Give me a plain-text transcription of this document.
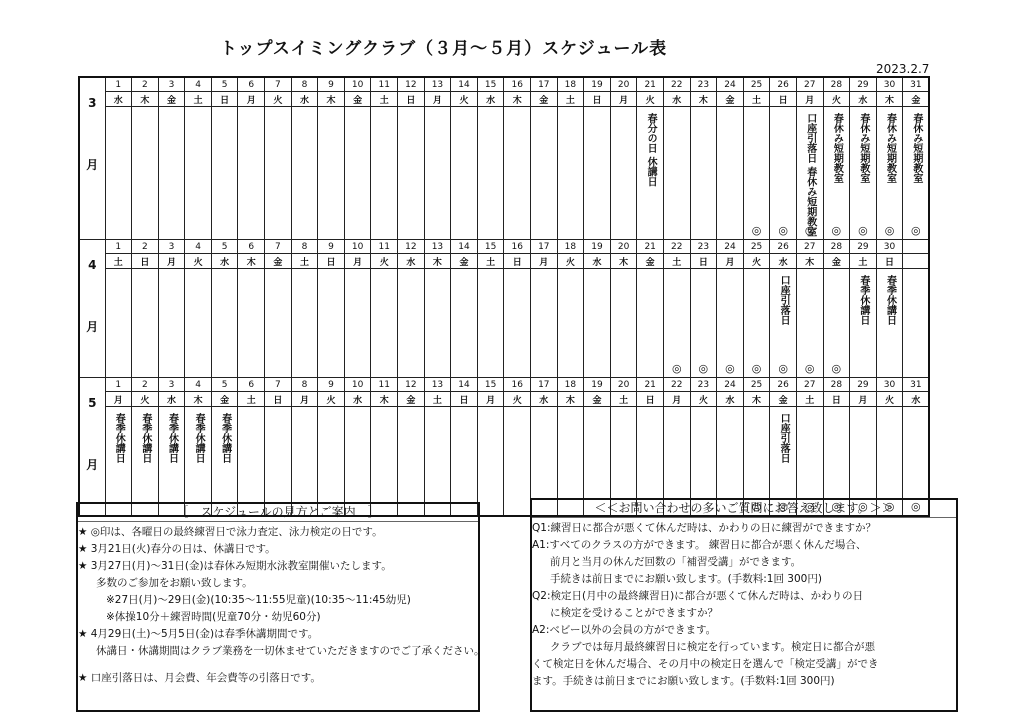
トップスイミングクラブ（３月～５月）スケジュール表
2023.2.7
3
月	1	2	3	4	5	6	7	8	9	10	11	12	13	14	15	16	17	18	19	20	21	22	23	24	25	26	27	28	29	30	31
	水	木	金	土	日	月	火	水	木	金	土	日	月	火	水	木	金	土	日	月	火	水	木	金	土	日	月	火	水	木	金
																					春分の日 休講日				◎	◎	口座引落日 春休み短期教室 ◎	春休み短期教室 ◎	春休み短期教室 ◎	春休み短期教室 ◎	春休み短期教室 ◎

4
月	1	2	3	4	5	6	7	8	9	10	11	12	13	14	15	16	17	18	19	20	21	22	23	24	25	26	27	28	29	30	
	土	日	月	火	水	木	金	土	日	月	火	水	木	金	土	日	月	火	水	木	金	土	日	月	火	水	木	金	土	日	
																					◎	◎	◎	◎	口座引落日 ◎	◎	◎	春季休講日	春季休講日	

5
月	1	2	3	4	5	6	7	8	9	10	11	12	13	14	15	16	17	18	19	20	21	22	23	24	25	26	27	28	29	30	31
	月	火	水	木	金	土	日	月	火	水	木	金	土	日	月	火	水	木	金	土	日	月	火	水	木	金	土	日	月	火	水
	春季休講日	春季休講日	春季休講日	春季休講日	春季休講日																				◎	口座引落日 ◎	◎	◎	◎	◎	◎
［　スケジュールの見方とご案内　］

★ ◎印は、各曜日の最終練習日で泳力査定、泳力検定の日です。

★ 3月21日(火)春分の日は、休講日です。

★ 3月27日(月)～31日(金)は春休み短期水泳教室開催いたします。

多数のご参加をお願い致します。

※27日(月)～29日(金)(10:35～11:55児童)(10:35～11:45幼児)

※体操10分＋練習時間(児童70分・幼児60分)

★ 4月29日(土)～5月5日(金)は春季休講期間です。

休講日・休講期間はクラブ業務を一切休ませていただきますのでご了承ください。

★ 口座引落日は、月会費、年会費等の引落日です。

＜＜お問い合わせの多いご質問にお答え致します。＞＞

Q1:練習日に都合が悪くて休んだ時は、かわりの日に練習ができますか？

A1:すべてのクラスの方ができます。 練習日に都合が悪く休んだ場合、

前月と当月の休んだ回数の「補習受講」ができます。

手続きは前日までにお願い致します。(手数料:1回 300円)

Q2:検定日(月中の最終練習日)に都合が悪くて休んだ時は、かわりの日

に検定を受けることができますか？

A2:ベビー以外の会員の方ができます。

クラブでは毎月最終練習日に検定を行っています。検定日に都合が悪

くて検定日を休んだ場合、その月中の検定日を選んで「検定受講」ができ

ます。手続きは前日までにお願い致します。(手数料:1回 300円)
